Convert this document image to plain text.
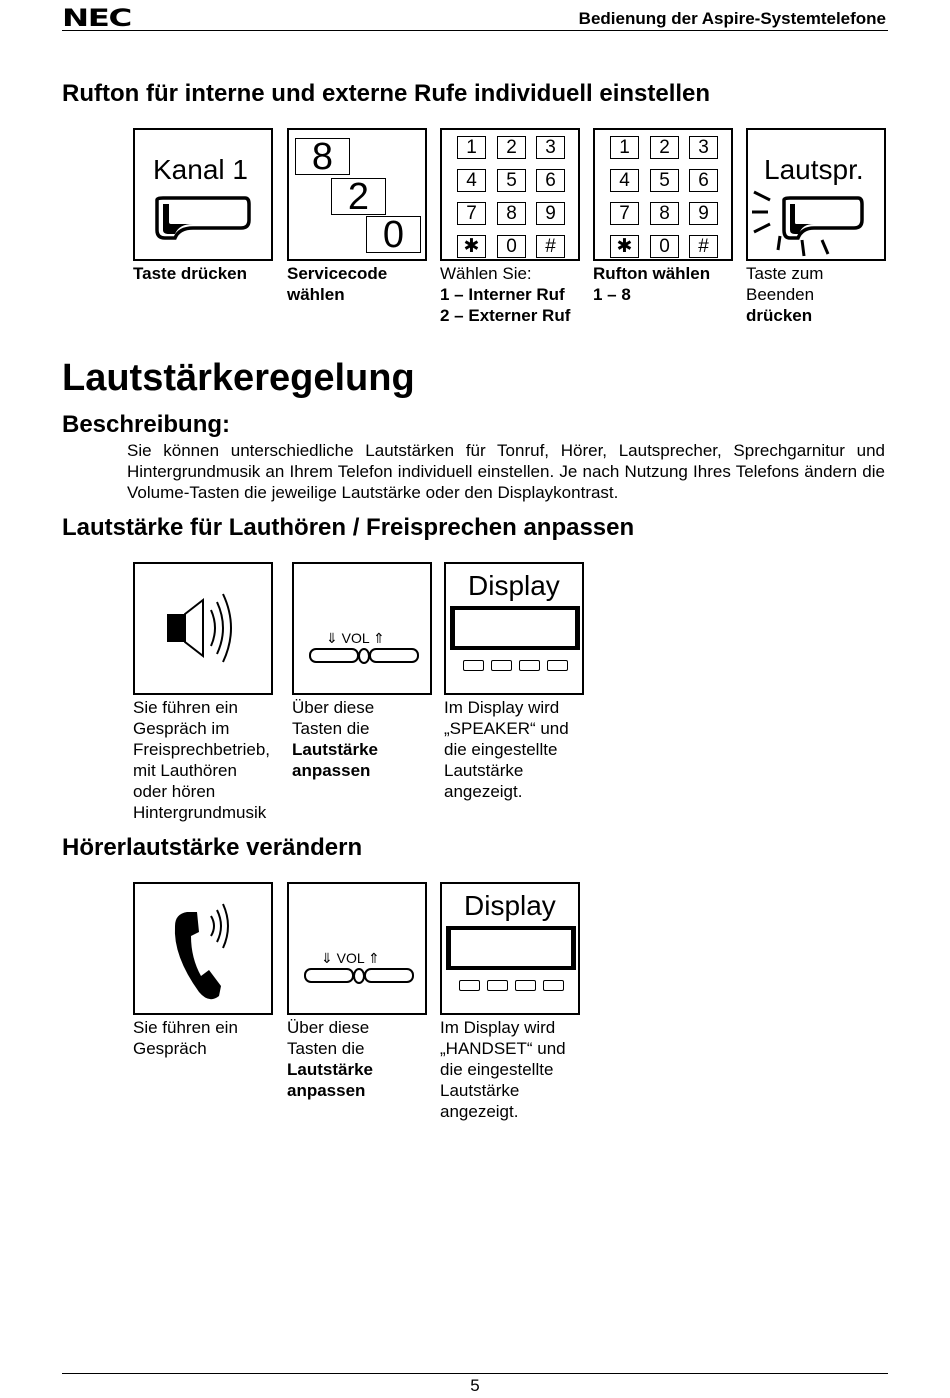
NEC	Bedienung der Aspire-Systemtelefone
Rufton für interne und externe Rufe individuell einstellen
Kanal 1
Taste drücken
8
2
0
Servicecode
wählen
1	2	3
4	5	6
7	8	9
✱	0	#
Wählen Sie:
1 – Interner Ruf
2 – Externer Ruf
1	2	3
4	5	6
7	8	9
✱	0	#
Rufton wählen
1 – 8
Lautspr.
Taste zum
Beenden
drücken
Lautstärkeregelung
Beschreibung:
Sie können unterschiedliche Lautstärken für Tonruf, Hörer, Lautsprecher, Sprechgarnitur und Hintergrundmusik an Ihrem Telefon individuell einstellen. Je nach Nutzung Ihres Telefons ändern die Volume-Tasten die jeweilige Lautstärke oder den Displaykontrast.
Lautstärke für Lauthören / Freisprechen anpassen
Sie führen ein
Gespräch im
Freisprechbetrieb,
mit Lauthören
oder hören
Hintergrundmusik
⇓ VOL ⇑
Über diese
Tasten die
Lautstärke
anpassen
Display
Im Display wird
„SPEAKER“ und
die eingestellte
Lautstärke
angezeigt.
Hörerlautstärke verändern
Sie führen ein
Gespräch
⇓ VOL ⇑
Über diese
Tasten die
Lautstärke
anpassen
Display
Im Display wird
„HANDSET“ und
die eingestellte
Lautstärke
angezeigt.
5
